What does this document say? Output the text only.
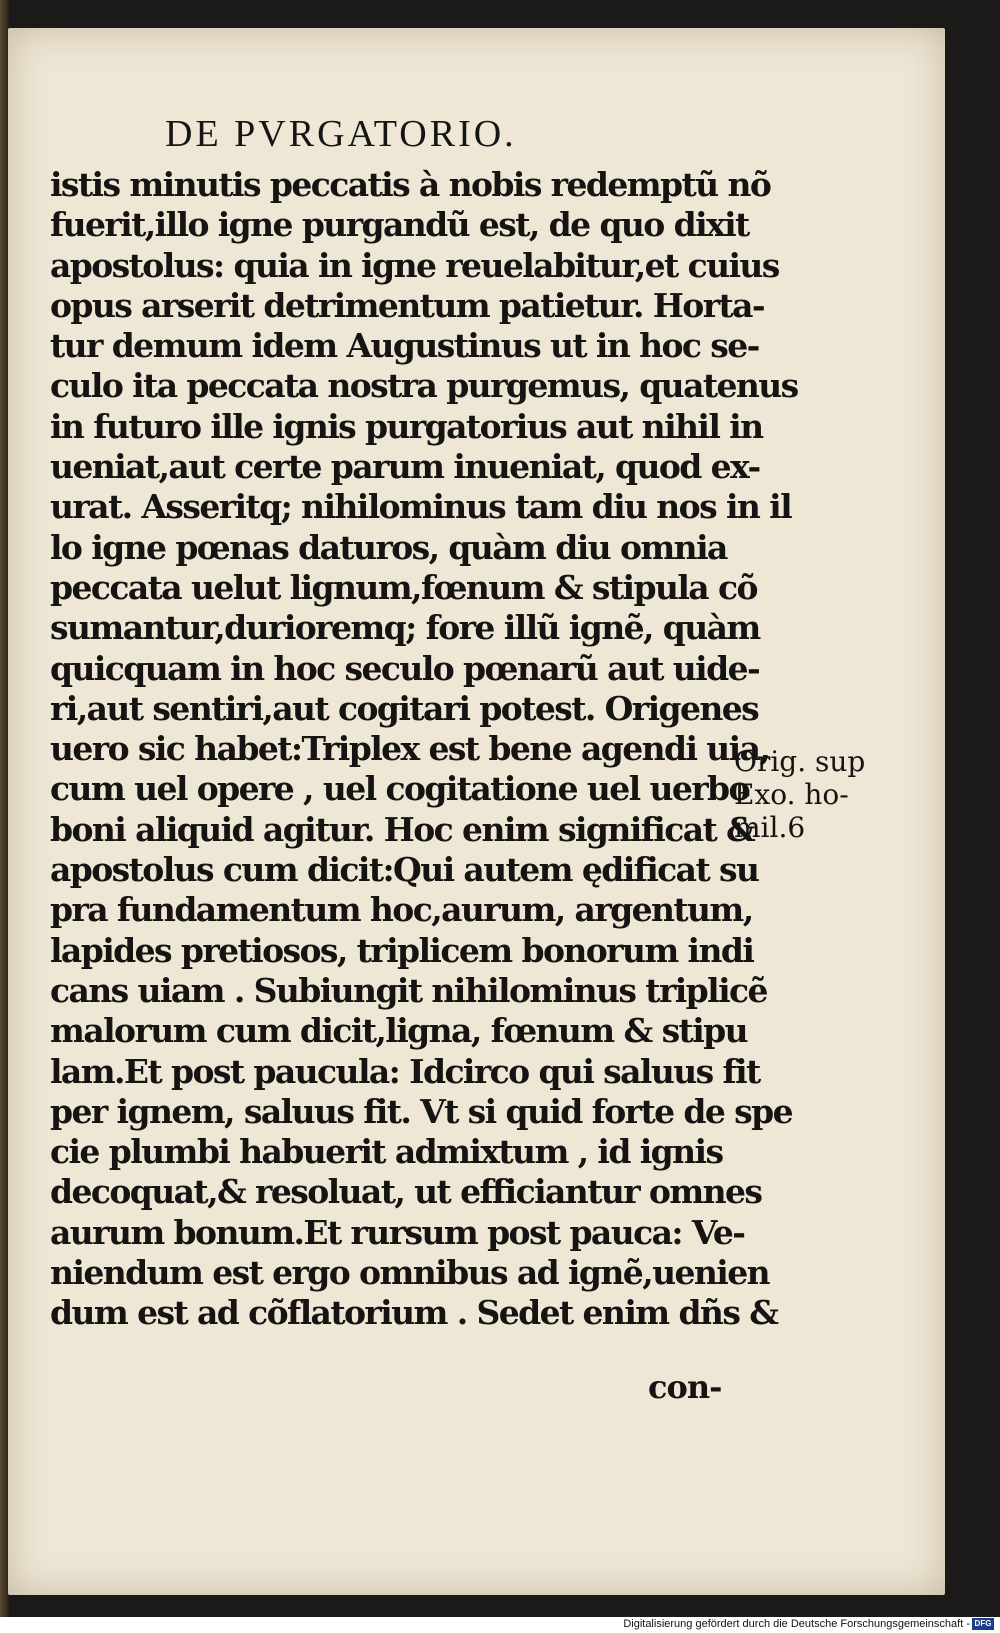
DE PVRGATORIO.
istis minutis peccatis à nobis redemptũ nõ
fuerit,illo igne purgandũ est, de quo dixit
apostolus: quia in igne reuelabitur,et cuius
opus arserit detrimentum patietur. Horta-
tur demum idem Augustinus ut in hoc se-
culo ita peccata nostra purgemus, quatenus
in futuro ille ignis purgatorius aut nihil in
ueniat,aut certe parum inueniat, quod ex-
urat. Asseritq; nihilominus tam diu nos in il
lo igne pœnas daturos, quàm diu omnia
peccata uelut lignum,fœnum & stipula cõ
sumantur,durioremq; fore illũ ignẽ, quàm
quicquam in hoc seculo pœnarũ aut uide-
ri,aut sentiri,aut cogitari potest. Origenes
uero sic habet:Triplex est bene agendi uia,
cum uel opere , uel cogitatione uel uerbo
boni aliquid agitur. Hoc enim significat &
apostolus cum dicit:Qui autem ędificat su
pra fundamentum hoc,aurum, argentum,
lapides pretiosos, triplicem bonorum indi
cans uiam . Subiungit nihilominus triplicẽ
malorum cum dicit,ligna, fœnum & stipu
lam.Et post paucula: Idcirco qui saluus fit
per ignem, saluus fit. Vt si quid forte de spe
cie plumbi habuerit admixtum , id ignis
decoquat,& resoluat, ut efficiantur omnes
aurum bonum.Et rursum post pauca: Ve-
niendum est ergo omnibus ad ignẽ,uenien
dum est ad cõflatorium . Sedet enim dñs &
con-
Orig. sup
Exo. ho-
mil.6
Digitalisierung gefördert durch die Deutsche Forschungsgemeinschaft - DFG
